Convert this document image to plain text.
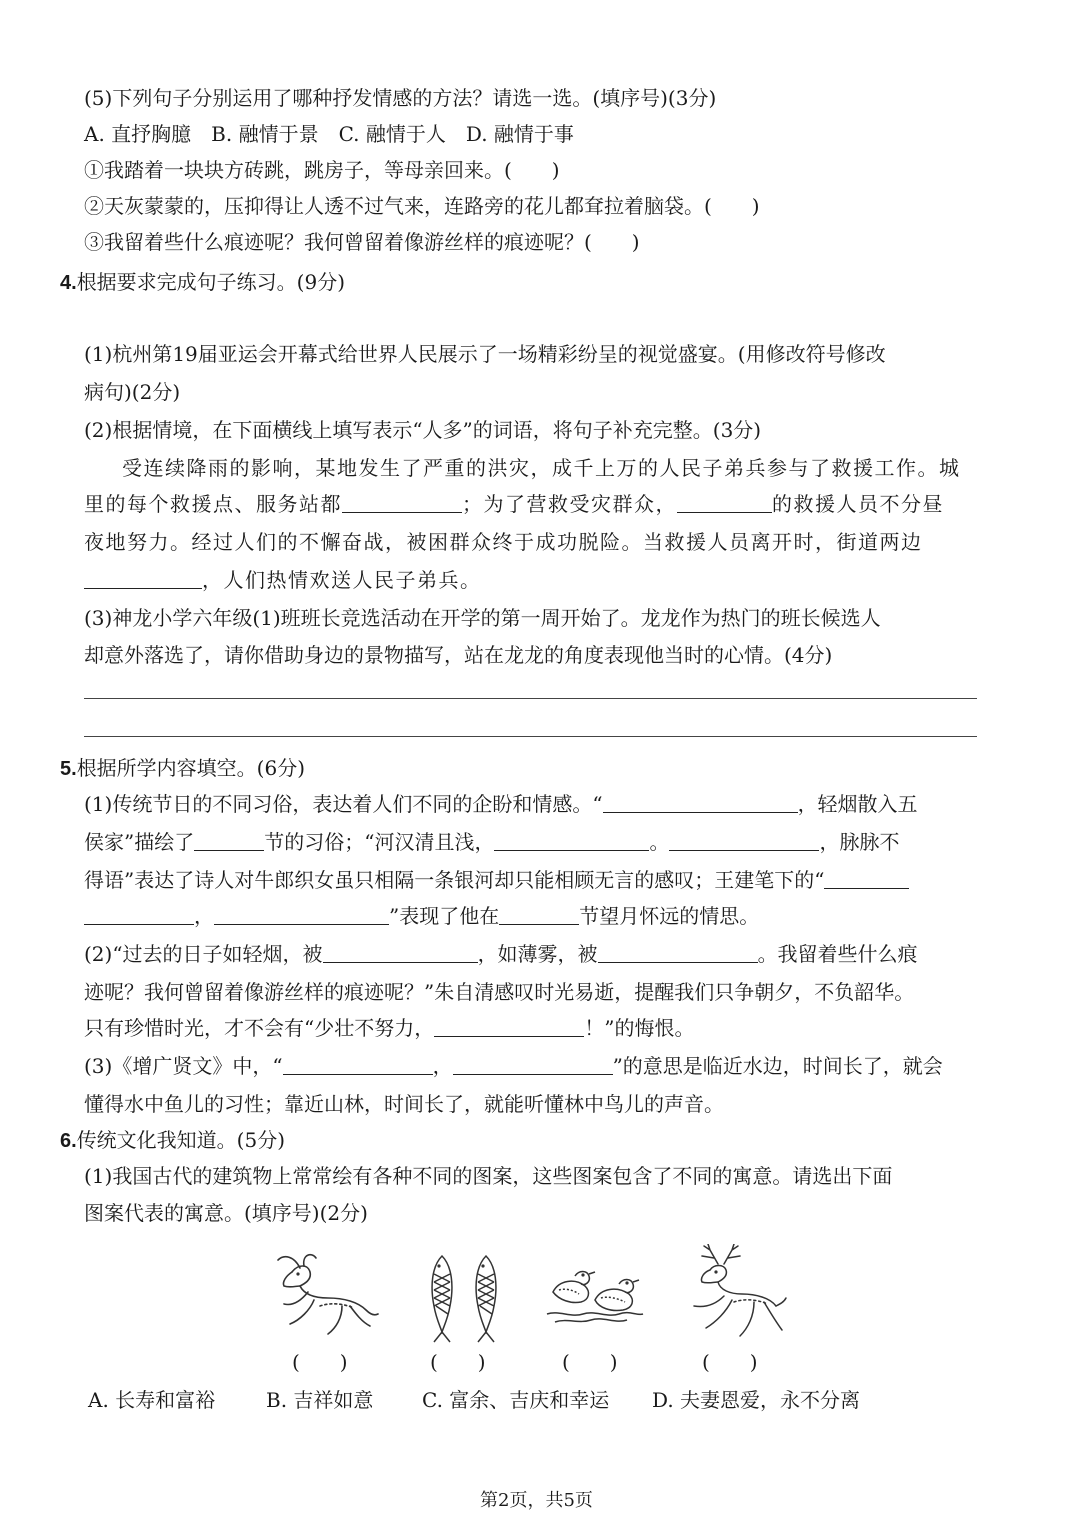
(5)下列句子分别运用了哪种抒发情感的方法？请选一选。(填序号)(3分)
A. 直抒胸臆　B. 融情于景　C. 融情于人　D. 融情于事
①我踏着一块块方砖跳，跳房子，等母亲回来。(　　)
②天灰蒙蒙的，压抑得让人透不过气来，连路旁的花儿都耷拉着脑袋。(　　)
③我留着些什么痕迹呢？我何曾留着像游丝样的痕迹呢？(　　)
4.根据要求完成句子练习。(9分)
(1)杭州第19届亚运会开幕式给世界人民展示了一场精彩纷呈的视觉盛宴。(用修改符号修改
病句)(2分)
(2)根据情境，在下面横线上填写表示“人多”的词语，将句子补充完整。(3分)
受连续降雨的影响，某地发生了严重的洪灾，成千上万的人民子弟兵参与了救援工作。城
里的每个救援点、服务站都	；为了营救受灾群众，	的救援人员不分昼
夜地努力。经过人们的不懈奋战，被困群众终于成功脱险。当救援人员离开时，街道两边
，人们热情欢送人民子弟兵。
(3)神龙小学六年级(1)班班长竞选活动在开学的第一周开始了。龙龙作为热门的班长候选人
却意外落选了，请你借助身边的景物描写，站在龙龙的角度表现他当时的心情。(4分)
5.根据所学内容填空。(6分)
(1)传统节日的不同习俗，表达着人们不同的企盼和情感。“	，轻烟散入五
侯家”描绘了	节的习俗；“河汉清且浅，	。	，脉脉不
得语”表达了诗人对牛郎织女虽只相隔一条银河却只能相顾无言的感叹；王建笔下的“
，	”表现了他在	节望月怀远的情思。
(2)“过去的日子如轻烟，被	，如薄雾，被	。我留着些什么痕
迹呢？我何曾留着像游丝样的痕迹呢？”朱自清感叹时光易逝，提醒我们只争朝夕，不负韶华。
只有珍惜时光，才不会有“少壮不努力，	！”的悔恨。
(3)《增广贤文》中，“	，	”的意思是临近水边，时间长了，就会
懂得水中鱼儿的习性；靠近山林，时间长了，就能听懂林中鸟儿的声音。
6.传统文化我知道。(5分)
(1)我国古代的建筑物上常常绘有各种不同的图案，这些图案包含了不同的寓意。请选出下面
图案代表的寓意。(填序号)(2分)
(　　)	(　　)	(　　)	(　　)
A. 长寿和富裕	B. 吉祥如意 C. 富余、吉庆和幸运 D. 夫妻恩爱，永不分离
第2页，共5页
